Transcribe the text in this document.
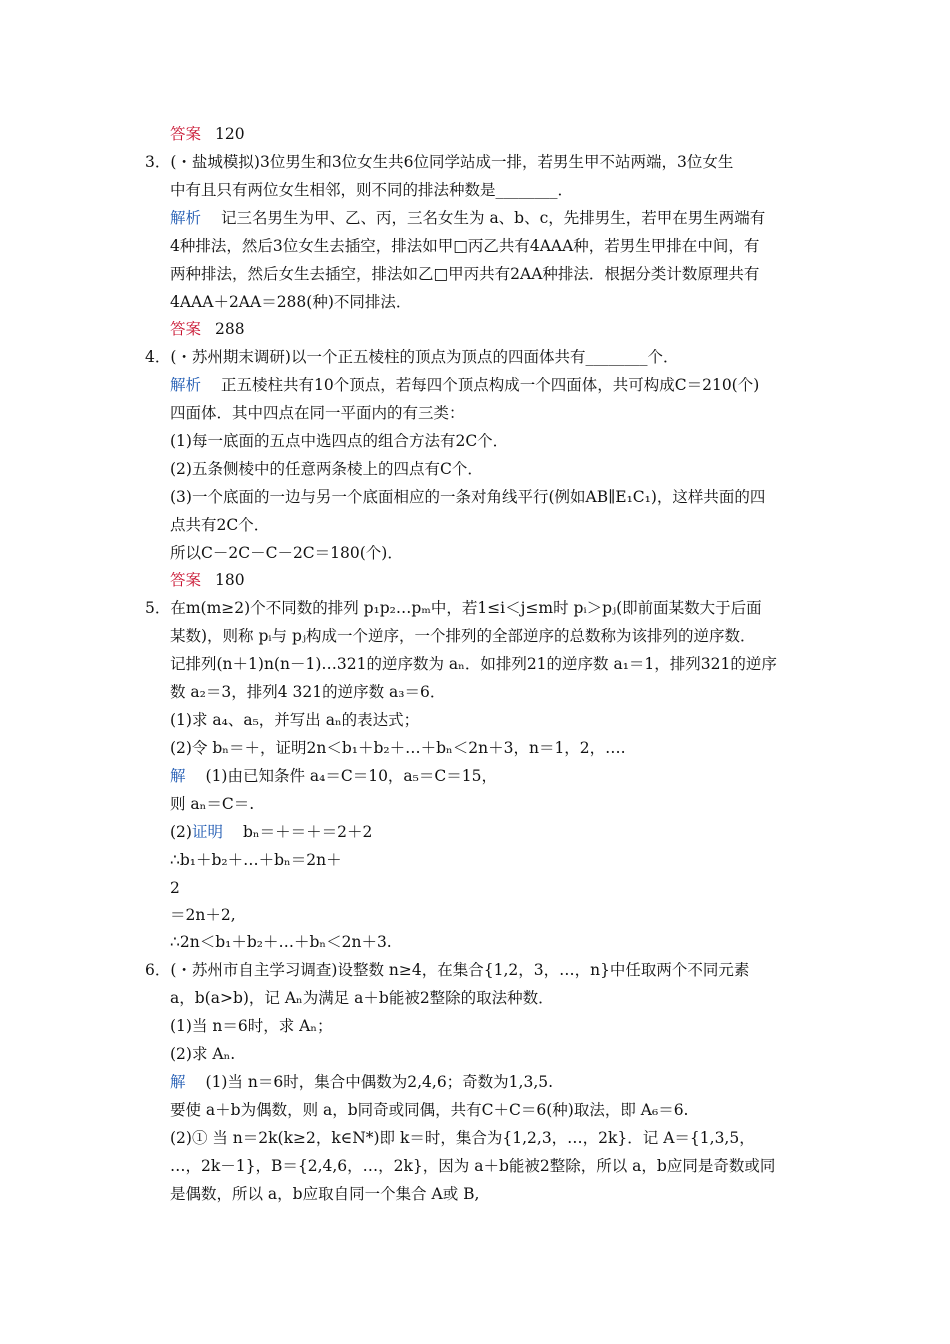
答案 120
3．(・盐城模拟)3位男生和3位女生共6位同学站成一排，若男生甲不站两端，3位女生
中有且只有两位女生相邻，则不同的排法种数是________．
解析 记三名男生为甲、乙、丙，三名女生为 a、b、c，先排男生，若甲在男生两端有
4种排法，然后3位女生去插空，排法如甲□丙乙共有4AAA种，若男生甲排在中间，有
两种排法，然后女生去插空，排法如乙□甲丙共有2AA种排法．根据分类计数原理共有
4AAA＋2AA＝288(种)不同排法．
答案 288
4．(・苏州期末调研)以一个正五棱柱的顶点为顶点的四面体共有________个．
解析 正五棱柱共有10个顶点，若每四个顶点构成一个四面体，共可构成C＝210(个)
四面体．其中四点在同一平面内的有三类：
(1)每一底面的五点中选四点的组合方法有2C个．
(2)五条侧棱中的任意两条棱上的四点有C个．
(3)一个底面的一边与另一个底面相应的一条对角线平行(例如AB∥E₁C₁)，这样共面的四
点共有2C个．
所以C－2C－C－2C＝180(个)．
答案 180
5．在m(m≥2)个不同数的排列 p₁p₂…pₘ中，若1≤i＜j≤m时 pᵢ＞pⱼ(即前面某数大于后面
某数)，则称 pᵢ与 pⱼ构成一个逆序，一个排列的全部逆序的总数称为该排列的逆序数．
记排列(n＋1)n(n－1)…321的逆序数为 aₙ．如排列21的逆序数 a₁＝1，排列321的逆序
数 a₂＝3，排列4 321的逆序数 a₃＝6．
(1)求 a₄、a₅，并写出 aₙ的表达式；
(2)令 bₙ＝＋，证明2n＜b₁＋b₂＋…＋bₙ＜2n＋3，n＝1，2，….
解 (1)由已知条件 a₄＝C＝10，a₅＝C＝15，
则 aₙ＝C＝.
(2)证明 bₙ＝＋＝＋＝2＋2
∴b₁＋b₂＋…＋bₙ＝2n＋
2
＝2n＋2,
∴2n＜b₁＋b₂＋…＋bₙ＜2n＋3.
6．(・苏州市自主学习调查)设整数 n≥4，在集合{1,2，3，…，n}中任取两个不同元素
a，b(a>b)，记 Aₙ为满足 a＋b能被2整除的取法种数．
(1)当 n＝6时，求 Aₙ；
(2)求 Aₙ.
解 (1)当 n＝6时，集合中偶数为2,4,6；奇数为1,3,5.
要使 a＋b为偶数，则 a，b同奇或同偶，共有C＋C＝6(种)取法，即 A₆＝6.
(2)① 当 n＝2k(k≥2，k∈N*)即 k＝时，集合为{1,2,3，…，2k}．记 A＝{1,3,5，
…，2k－1}，B＝{2,4,6，…，2k}，因为 a＋b能被2整除，所以 a，b应同是奇数或同
是偶数，所以 a，b应取自同一个集合 A或 B,
